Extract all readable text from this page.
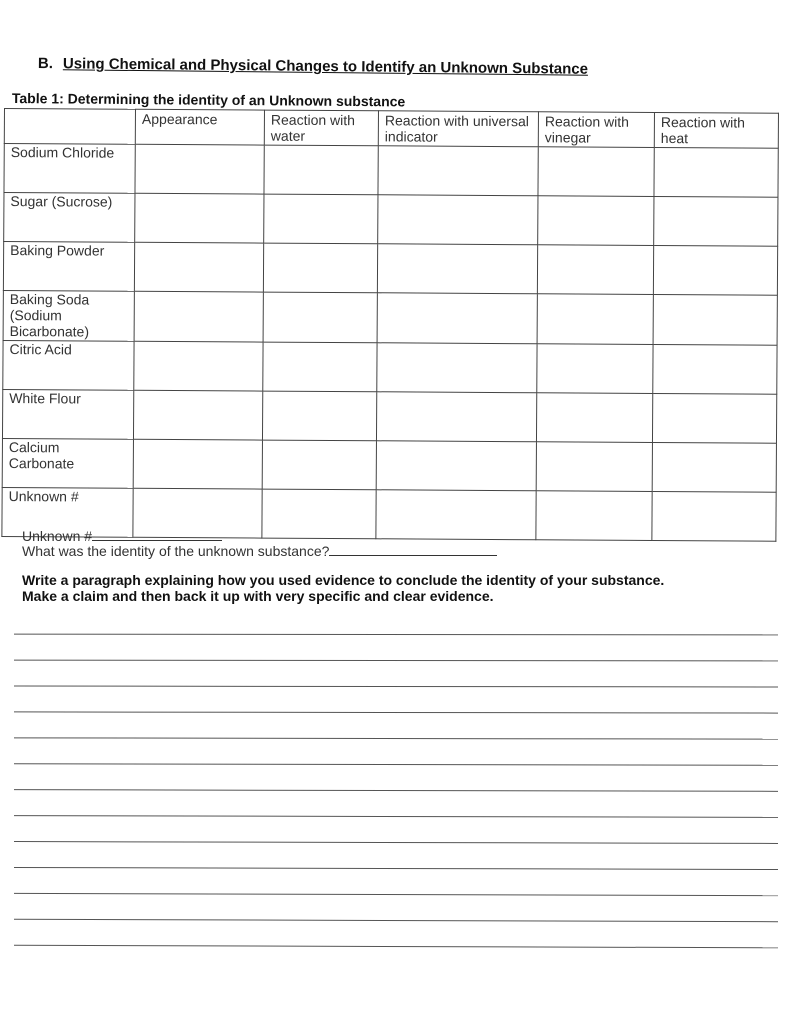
B. Using Chemical and Physical Changes to Identify an Unknown Substance
Table 1: Determining the identity of an Unknown substance
	Appearance	Reaction with water	Reaction with universal indicator	Reaction with vinegar	Reaction with heat
Sodium Chloride					
Sugar (Sucrose)					
Baking Powder					
Baking Soda (Sodium Bicarbonate)					
Citric Acid					
White Flour					
Calcium Carbonate					
Unknown #					
Unknown #
What was the identity of the unknown substance?
Write a paragraph explaining how you used evidence to conclude the identity of your substance.
Make a claim and then back it up with very specific and clear evidence.
